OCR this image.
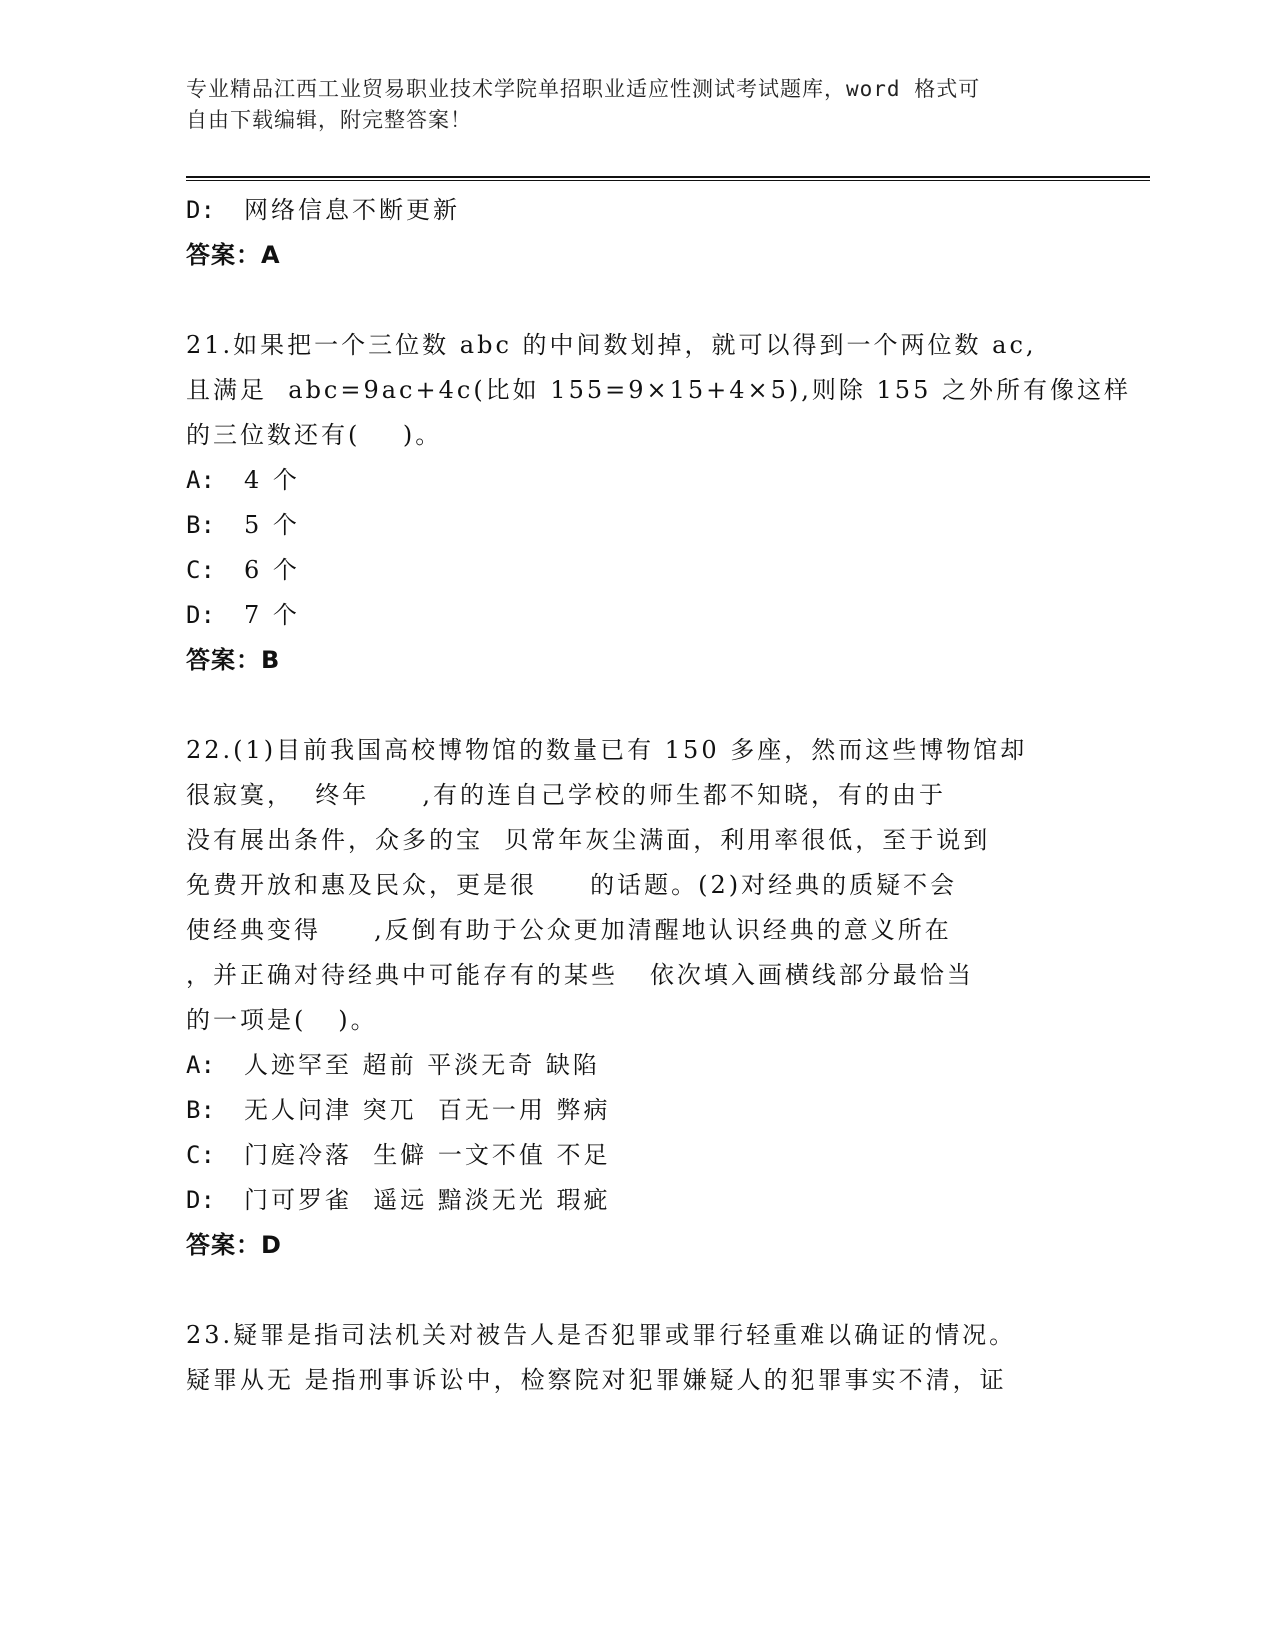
专业精品江西工业贸易职业技术学院单招职业适应性测试考试题库，word 格式可
自由下载编辑，附完整答案！
D: 网络信息不断更新
答案：A
21.如果把一个三位数 abc 的中间数划掉，就可以得到一个两位数 ac,
且满足  abc=9ac+4c(比如 155=9×15+4×5),则除 155 之外所有像这样
的三位数还有(    )。
A: 4 个
B: 5 个
C: 6 个
D: 7 个
答案：B
22.(1)目前我国高校博物馆的数量已有 150 多座，然而这些博物馆却
很寂寞，  终年     ,有的连自己学校的师生都不知晓，有的由于
没有展出条件，众多的宝  贝常年灰尘满面，利用率很低，至于说到
免费开放和惠及民众，更是很     的话题。(2)对经典的质疑不会
使经典变得     ,反倒有助于公众更加清醒地认识经典的意义所在
，并正确对待经典中可能存有的某些   依次填入画横线部分最恰当
的一项是(   )。
A: 人迹罕至 超前 平淡无奇 缺陷
B: 无人问津 突兀  百无一用 弊病
C: 门庭冷落  生僻 一文不值 不足
D: 门可罗雀  遥远 黯淡无光 瑕疵
答案：D
23.疑罪是指司法机关对被告人是否犯罪或罪行轻重难以确证的情况。
疑罪从无 是指刑事诉讼中，检察院对犯罪嫌疑人的犯罪事实不清，证
